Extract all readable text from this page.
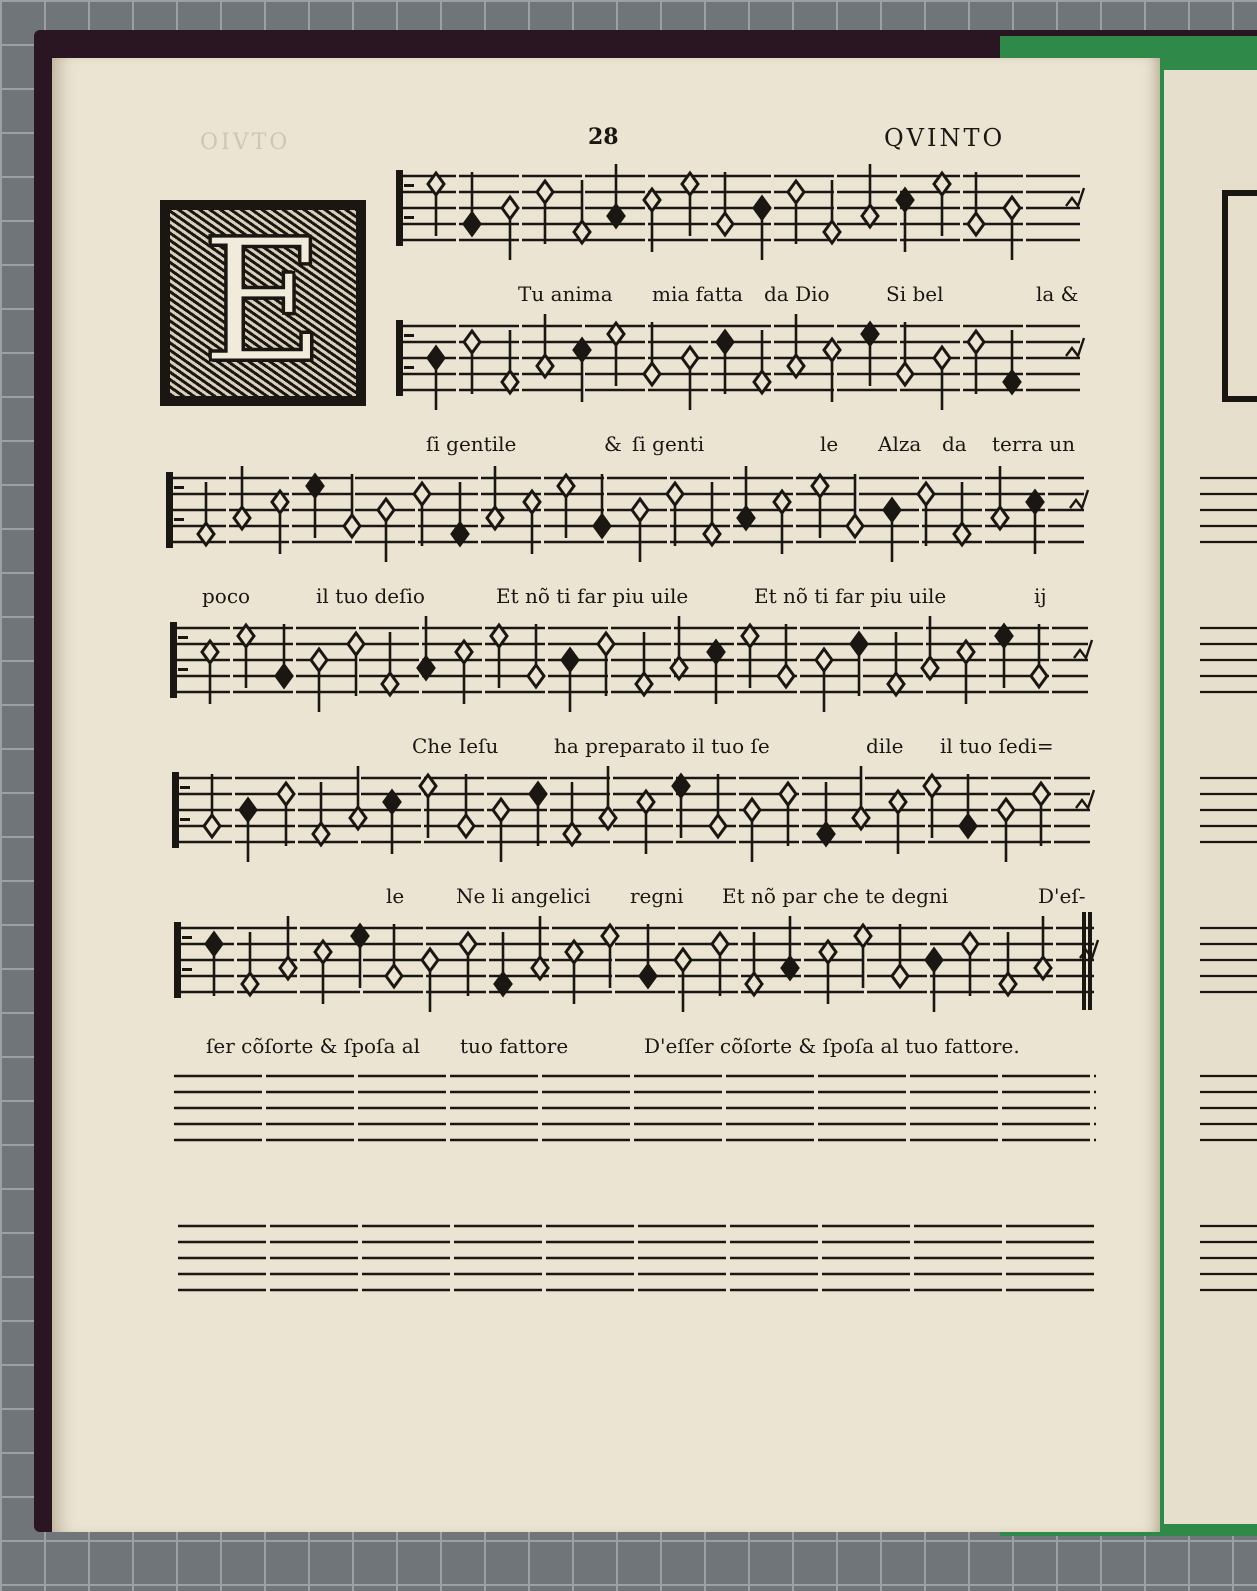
OIVTO	28	QVINTO
E	Tu anima mia fatta da Dio	Si bel	la &
ſi gentile	& ſi genti	le Alza da terra un
poco	il tuo deſio	Et nõ ti far piu uile	Et nõ ti far piu uile	ij
Che Ieſu	ha preparato il tuo ſe	dile il tuo ſedi=
le	Ne li angelici regni Et nõ par che te degni	D'eſ-
ſer cõſorte & ſpoſa al tuo fattore	D'eſſer cõſorte & ſpoſa al tuo fattore.
